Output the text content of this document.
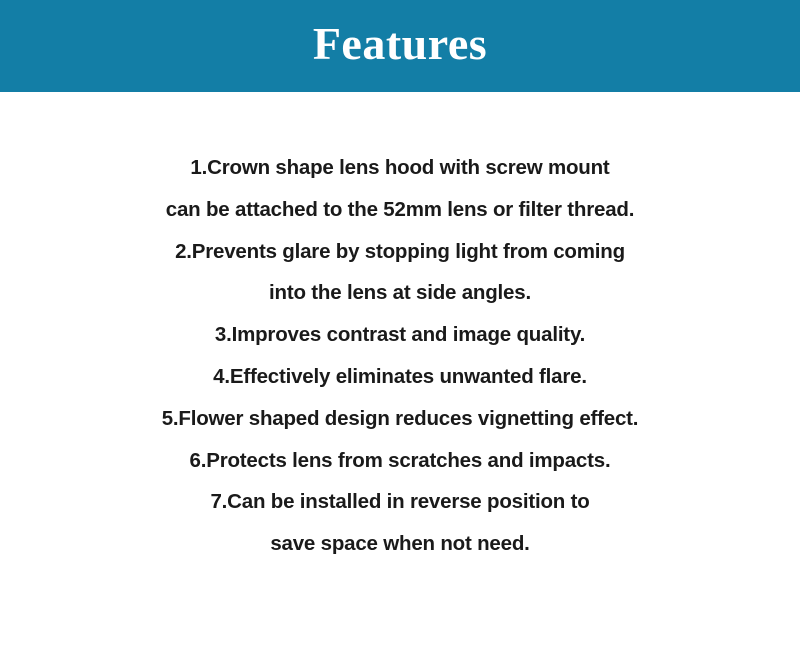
Features
1.Crown shape lens hood with screw mount
can be attached to the 52mm lens or filter thread.
2.Prevents glare by stopping light from coming
into the lens at side angles.
3.Improves contrast and image quality.
4.Effectively eliminates unwanted flare.
5.Flower shaped design reduces vignetting effect.
6.Protects lens from scratches and impacts.
7.Can be installed in reverse position to
save space when not need.
